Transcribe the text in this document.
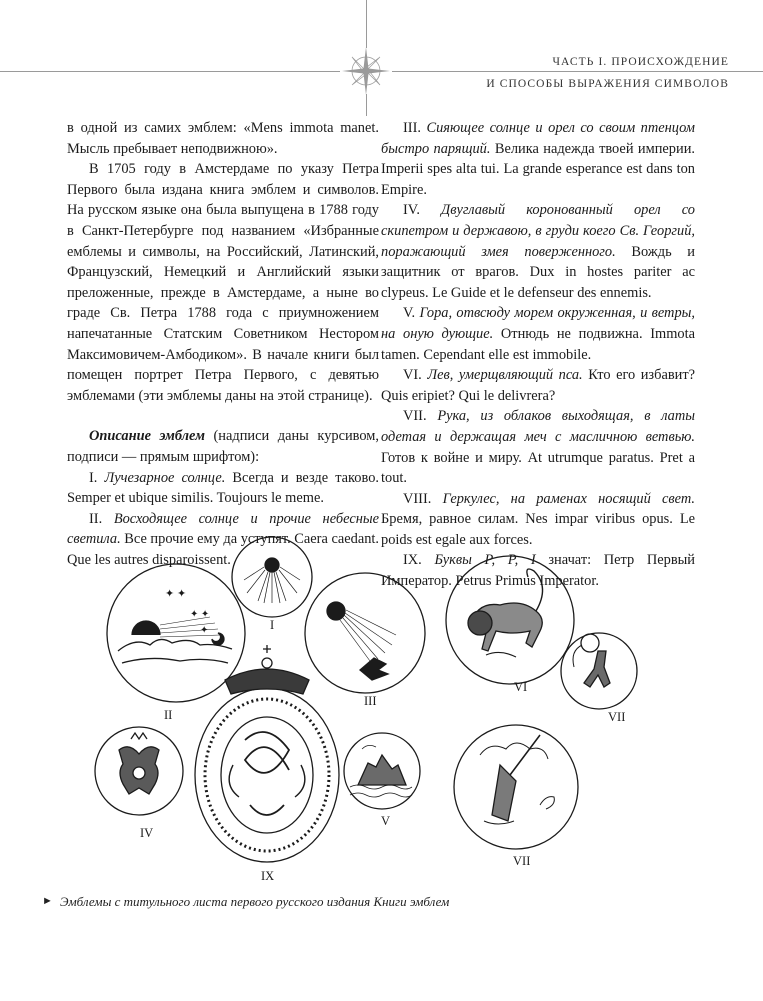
ЧАСТЬ I. ПРОИСХОЖДЕНИЕ
И СПОСОБЫ ВЫРАЖЕНИЯ СИМВОЛОВ

в одной из самих эмблем: «Mens immota manet. Мысль пребывает неподвижною».

В 1705 году в Амстердаме по указу Петра Первого была издана книга эмблем и символов. На русском языке она была выпущена в 1788 году в Санкт-Петербурге под названием «Избранные емблемы и символы, на Российский, Латинский, Французский, Немецкий и Английский языки преложенные, прежде в Амстердаме, а ныне во граде Св. Петра 1788 года с приумножением напечатанные Статским Советником Нестором Максимовичем-Амбодиком». В начале книги был помещен портрет Петра Первого, с девятью эмблемами (эти эмблемы даны на этой странице).

Описание эмблем (надписи даны курсивом, подписи — прямым шрифтом):

I. Лучезарное солнце. Всегда и везде таково. Semper et ubique similis. Toujours le meme.

II. Восходящее солнце и прочие небесные светила. Все прочие ему да уступят. Caera caedant. Que les autres disparoissent.

III. Сияющее солнце и орел со своим птенцом быстро парящий. Велика надежда твоей империи. Imperii spes alta tui. La grande esperance est dans ton Empire.

IV. Двуглавый коронованный орел со скипетром и державою, в груди коего Св. Георгий, поражающий змея поверженного. Вождь и защитник от врагов. Dux in hostes pariter ac clypeus. Le Guide et le defenseur des ennemis.

V. Гора, отвсюду морем окруженная, и ветры, на оную дующие. Отнюдь не подвижна. Immota tamen. Cependant elle est immobile.

VI. Лев, умерщвляющий пса. Кто его избавит? Quis eripiet? Qui le delivrera?

VII. Рука, из облаков выходящая, в латы одетая и держащая меч с масличною ветвью. Готов к войне и миру. At utrumque paratus. Pret a tout.

VIII. Геркулес, на раменах носящий свет. Бремя, равное силам. Nes impar viribus opus. Le poids est egale aux forces.

IX. Буквы P, P, I значат: Петр Первый Император. Petrus Primus Imperator.

✦ ✦
✦ ✦
✦	I
II
III
IV
V
VI
VII
VII
IX
► Эмблемы с титульного листа первого русского издания Книги эмблем
